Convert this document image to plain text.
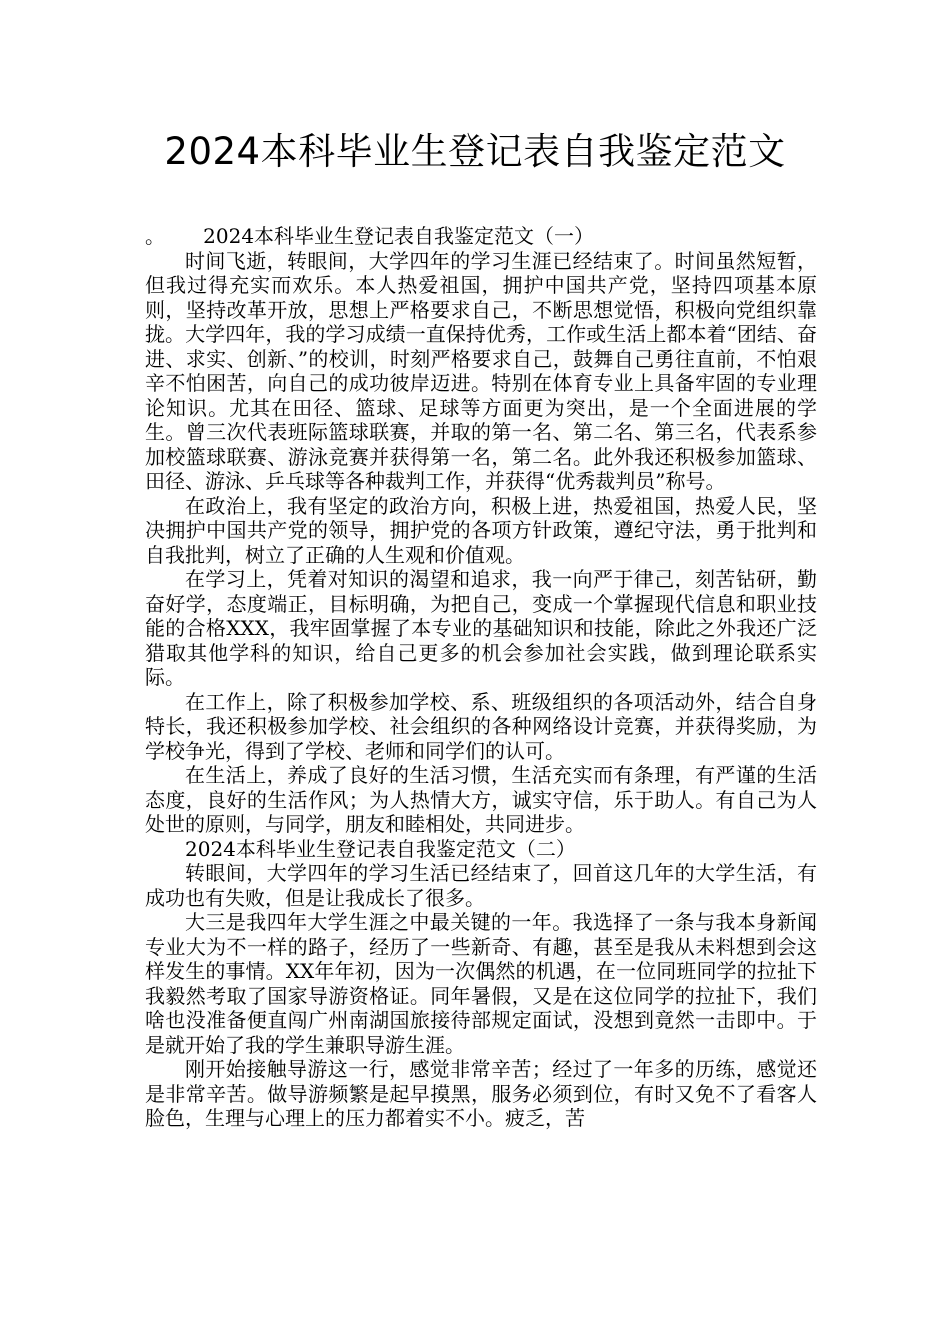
2024本科毕业生登记表自我鉴定范文

。 2024本科毕业生登记表自我鉴定范文（一）

时间飞逝，转眼间，大学四年的学习生涯已经结束了。时间虽然短暂，但我过得充实而欢乐。本人热爱祖国，拥护中国共产党，坚持四项基本原则，坚持改革开放，思想上严格要求自己，不断思想觉悟，积极向党组织靠拢。大学四年，我的学习成绩一直保持优秀，工作或生活上都本着“团结、奋进、求实、创新、”的校训，时刻严格要求自己，鼓舞自己勇往直前，不怕艰辛不怕困苦，向自己的成功彼岸迈进。特别在体育专业上具备牢固的专业理论知识。尤其在田径、篮球、足球等方面更为突出，是一个全面进展的学生。曾三次代表班际篮球联赛，并取的第一名、第二名、第三名，代表系参加校篮球联赛、游泳竞赛并获得第一名，第二名。此外我还积极参加篮球、田径、游泳、乒乓球等各种裁判工作，并获得“优秀裁判员”称号。

在政治上，我有坚定的政治方向，积极上进，热爱祖国，热爱人民，坚决拥护中国共产党的领导，拥护党的各项方针政策，遵纪守法，勇于批判和自我批判，树立了正确的人生观和价值观。

在学习上，凭着对知识的渴望和追求，我一向严于律己，刻苦钻研，勤奋好学，态度端正，目标明确，为把自己，变成一个掌握现代信息和职业技能的合格XXX，我牢固掌握了本专业的基础知识和技能，除此之外我还广泛猎取其他学科的知识，给自己更多的机会参加社会实践，做到理论联系实际。

在工作上，除了积极参加学校、系、班级组织的各项活动外，结合自身特长，我还积极参加学校、社会组织的各种网络设计竞赛，并获得奖励，为学校争光，得到了学校、老师和同学们的认可。

在生活上，养成了良好的生活习惯，生活充实而有条理，有严谨的生活态度，良好的生活作风；为人热情大方，诚实守信，乐于助人。有自己为人处世的原则，与同学，朋友和睦相处，共同进步。

2024本科毕业生登记表自我鉴定范文（二）

转眼间，大学四年的学习生活已经结束了，回首这几年的大学生活，有成功也有失败，但是让我成长了很多。

大三是我四年大学生涯之中最关键的一年。我选择了一条与我本身新闻专业大为不一样的路子，经历了一些新奇、有趣，甚至是我从未料想到会这样发生的事情。XX年年初，因为一次偶然的机遇，在一位同班同学的拉扯下我毅然考取了国家导游资格证。同年暑假，又是在这位同学的拉扯下，我们啥也没准备便直闯广州南湖国旅接待部规定面试，没想到竟然一击即中。于是就开始了我的学生兼职导游生涯。

刚开始接触导游这一行，感觉非常辛苦；经过了一年多的历练，感觉还是非常辛苦。做导游频繁是起早摸黑，服务必须到位，有时又免不了看客人脸色，生理与心理上的压力都着实不小。疲乏，苦
